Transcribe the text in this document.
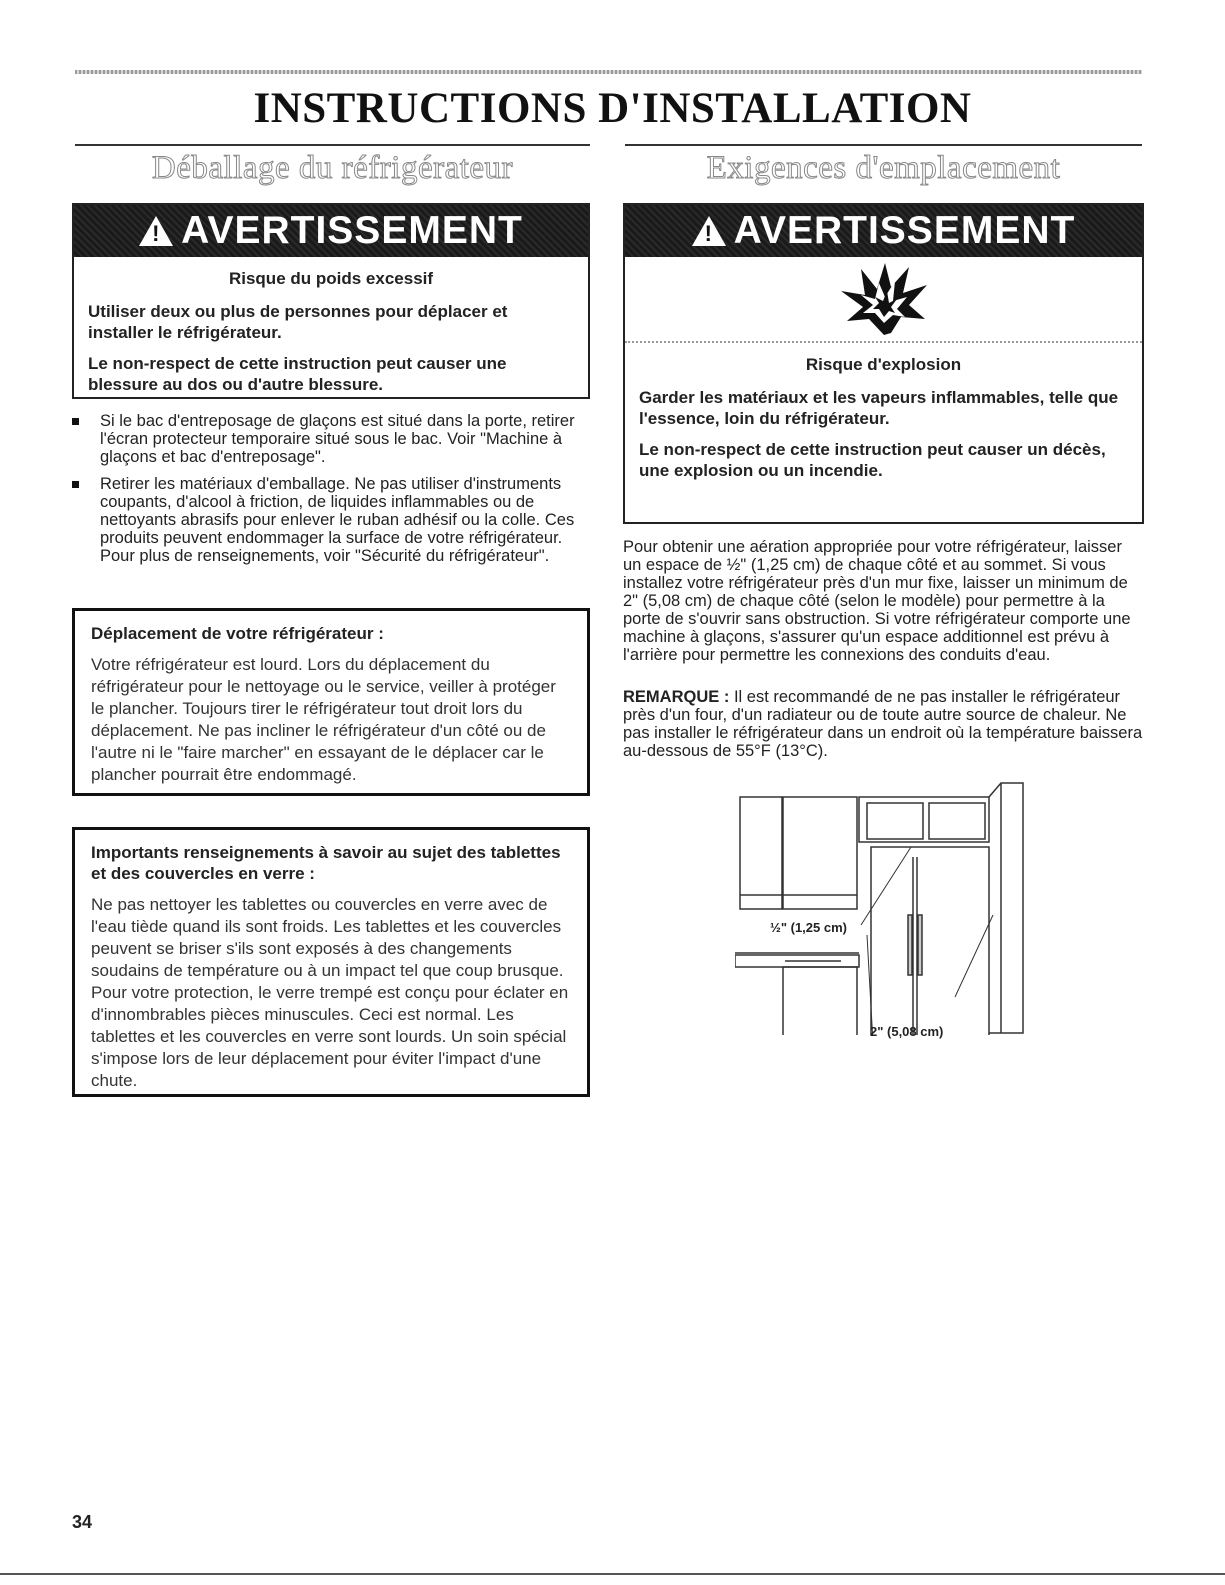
INSTRUCTIONS D'INSTALLATION
Déballage du réfrigérateur
!
AVERTISSEMENT
Risque du poids excessif

Utiliser deux ou plus de personnes pour déplacer et installer le réfrigérateur.

Le non-respect de cette instruction peut causer une blessure au dos ou d'autre blessure.

Si le bac d'entreposage de glaçons est situé dans la porte, retirer l'écran protecteur temporaire situé sous le bac. Voir "Machine à glaçons et bac d'entreposage".
Retirer les matériaux d'emballage. Ne pas utiliser d'instruments coupants, d'alcool à friction, de liquides inflammables ou de nettoyants abrasifs pour enlever le ruban adhésif ou la colle. Ces produits peuvent endommager la surface de votre réfrigérateur. Pour plus de renseignements, voir "Sécurité du réfrigérateur".
Déplacement de votre réfrigérateur :

Votre réfrigérateur est lourd. Lors du déplacement du réfrigérateur pour le nettoyage ou le service, veiller à protéger le plancher. Toujours tirer le réfrigérateur tout droit lors du déplacement. Ne pas incliner le réfrigérateur d'un côté ou de l'autre ni le "faire marcher" en essayant de le déplacer car le plancher pourrait être endommagé.

Importants renseignements à savoir au sujet des tablettes et des couvercles en verre :

Ne pas nettoyer les tablettes ou couvercles en verre avec de l'eau tiède quand ils sont froids. Les tablettes et les couvercles peuvent se briser s'ils sont exposés à des changements soudains de température ou à un impact tel que coup brusque. Pour votre protection, le verre trempé est conçu pour éclater en d'innombrables pièces minuscules. Ceci est normal. Les tablettes et les couvercles en verre sont lourds. Un soin spécial s'impose lors de leur déplacement pour éviter l'impact d'une chute.

Exigences d'emplacement
!
AVERTISSEMENT
Risque d'explosion

Garder les matériaux et les vapeurs inflammables, telle que l'essence, loin du réfrigérateur.

Le non-respect de cette instruction peut causer un décès, une explosion ou un incendie.

Pour obtenir une aération appropriée pour votre réfrigérateur, laisser un espace de ½" (1,25 cm) de chaque côté et au sommet. Si vous installez votre réfrigérateur près d'un mur fixe, laisser un minimum de 2" (5,08 cm) de chaque côté (selon le modèle) pour permettre à la porte de s'ouvrir sans obstruction. Si votre réfrigérateur comporte une machine à glaçons, s'assurer qu'un espace additionnel est prévu à l'arrière pour permettre les connexions des conduits d'eau.

REMARQUE : Il est recommandé de ne pas installer le réfrigérateur près d'un four, d'un radiateur ou de toute autre source de chaleur. Ne pas installer le réfrigérateur dans un endroit où la température baissera au-dessous de 55°F (13°C).

½" (1,25 cm)
2" (5,08 cm)
34
